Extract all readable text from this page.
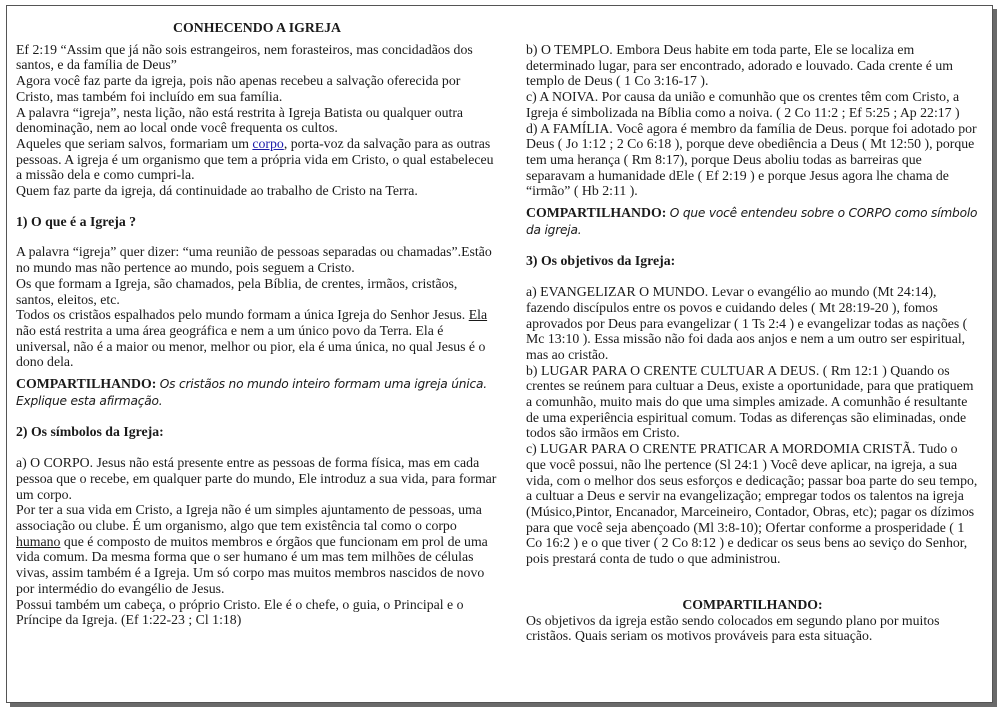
CONHECENDO A IGREJA

Ef 2:19 “Assim que já não sois estrangeiros, nem forasteiros, mas concidadãos dos santos, e da família de Deus”

Agora você faz parte da igreja, pois não apenas recebeu a salvação oferecida por Cristo, mas também foi incluído em sua família.

A palavra “igreja”, nesta lição, não está restrita à Igreja Batista ou qualquer outra denominação, nem ao local onde você frequenta os cultos.

Aqueles que seriam salvos, formariam um corpo, porta-voz da salvação para as outras pessoas. A igreja é um organismo que tem a própria vida em Cristo, o qual estabeleceu a missão dela e como cumpri-la.

Quem faz parte da igreja, dá continuidade ao trabalho de Cristo na Terra.

1) O que é a Igreja ?

A palavra “igreja” quer dizer: “uma reunião de pessoas separadas ou chamadas”.Estão no mundo mas não pertence ao mundo, pois seguem a Cristo.

Os que formam a Igreja, são chamados, pela Bíblia, de crentes, irmãos, cristãos, santos, eleitos, etc.

Todos os cristãos espalhados pelo mundo formam a única Igreja do Senhor Jesus. Ela não está restrita a uma área geográfica e nem a um único povo da Terra. Ela é universal, não é a maior ou menor, melhor ou pior, ela é uma única, no qual Jesus é o dono dela.

COMPARTILHANDO: Os cristãos no mundo inteiro formam uma igreja única. Explique esta afirmação.

2) Os símbolos da Igreja:

a) O CORPO. Jesus não está presente entre as pessoas de forma física, mas em cada pessoa que o recebe, em qualquer parte do mundo, Ele introduz a sua vida, para formar um corpo.

Por ter a sua vida em Cristo, a Igreja não é um simples ajuntamento de pessoas, uma associação ou clube. É um organismo, algo que tem existência tal como o corpo humano que é composto de muitos membros e órgãos que funcionam em prol de uma vida comum. Da mesma forma que o ser humano é um mas tem milhões de células vivas, assim também é a Igreja. Um só corpo mas muitos membros nascidos de novo por intermédio do evangélio de Jesus.

Possui também um cabeça, o próprio Cristo. Ele é o chefe, o guia, o Principal e o Príncipe da Igreja. (Ef 1:22-23 ; Cl 1:18)

b) O TEMPLO. Embora Deus habite em toda parte, Ele se localiza em determinado lugar, para ser encontrado, adorado e louvado. Cada crente é um templo de Deus ( 1 Co 3:16-17 ).

c) A NOIVA. Por causa da união e comunhão que os crentes têm com Cristo, a Igreja é simbolizada na Bíblia como a noiva. ( 2 Co 11:2 ; Ef 5:25 ; Ap 22:17 )

d) A FAMÍLIA. Você agora é membro da família de Deus. porque foi adotado por Deus ( Jo 1:12 ; 2 Co 6:18 ), porque deve obediência a Deus ( Mt 12:50 ), porque tem uma herança ( Rm 8:17), porque Deus aboliu todas as barreiras que separavam a humanidade dEle ( Ef 2:19 ) e porque Jesus agora lhe chama de “irmão” ( Hb 2:11 ).

COMPARTILHANDO: O que você entendeu sobre o CORPO como símbolo da igreja.

3) Os objetivos da Igreja:

a) EVANGELIZAR O MUNDO. Levar o evangélio ao mundo (Mt 24:14), fazendo discípulos entre os povos e cuidando deles ( Mt 28:19-20 ), fomos aprovados por Deus para evangelizar ( 1 Ts 2:4 ) e evangelizar todas as nações ( Mc 13:10 ). Essa missão não foi dada aos anjos e nem a um outro ser espiritual, mas ao cristão.

b) LUGAR PARA O CRENTE CULTUAR A DEUS. ( Rm 12:1 ) Quando os crentes se reúnem para cultuar a Deus, existe a oportunidade, para que pratiquem a comunhão, muito mais do que uma simples amizade. A comunhão é resultante de uma experiência espiritual comum. Todas as diferenças são eliminadas, onde todos são irmãos em Cristo.

c) LUGAR PARA O CRENTE PRATICAR A MORDOMIA CRISTÃ. Tudo o que você possui, não lhe pertence (Sl 24:1 ) Você deve aplicar, na igreja, a sua vida, com o melhor dos seus esforços e dedicação; passar boa parte do seu tempo, a cultuar a Deus e servir na evangelização; empregar todos os talentos na igreja (Músico,Pintor, Encanador, Marceineiro, Contador, Obras, etc); pagar os dízimos para que você seja abençoado (Ml 3:8-10); Ofertar conforme a prosperidade ( 1 Co 16:2 ) e o que tiver ( 2 Co 8:12 ) e dedicar os seus bens ao seviço do Senhor, pois prestará conta de tudo o que administrou.

COMPARTILHANDO:

Os objetivos da igreja estão sendo colocados em segundo plano por muitos cristãos. Quais seriam os motivos prováveis para esta situação.
